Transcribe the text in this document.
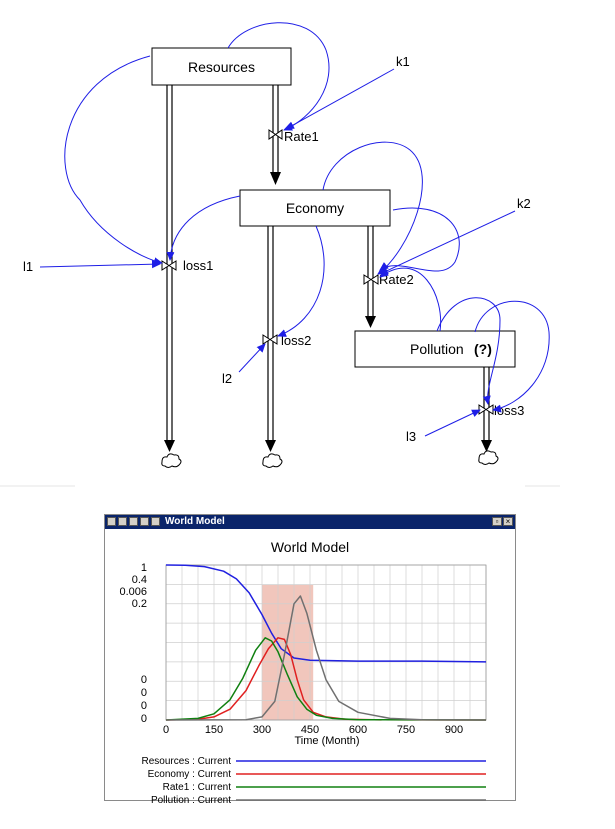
Resources
Economy
Pollution (?)
Rate1
loss1
Rate2
loss2
loss3
k1
k2
l1
l2
l3
World Model	▫ ×
World Model
0	150	300	450	600	750	900
1
0.4
0.006
0.2
0
0
0
0
Time (Month)
Resources : Current
Economy : Current
Rate1 : Current
Pollution : Current
